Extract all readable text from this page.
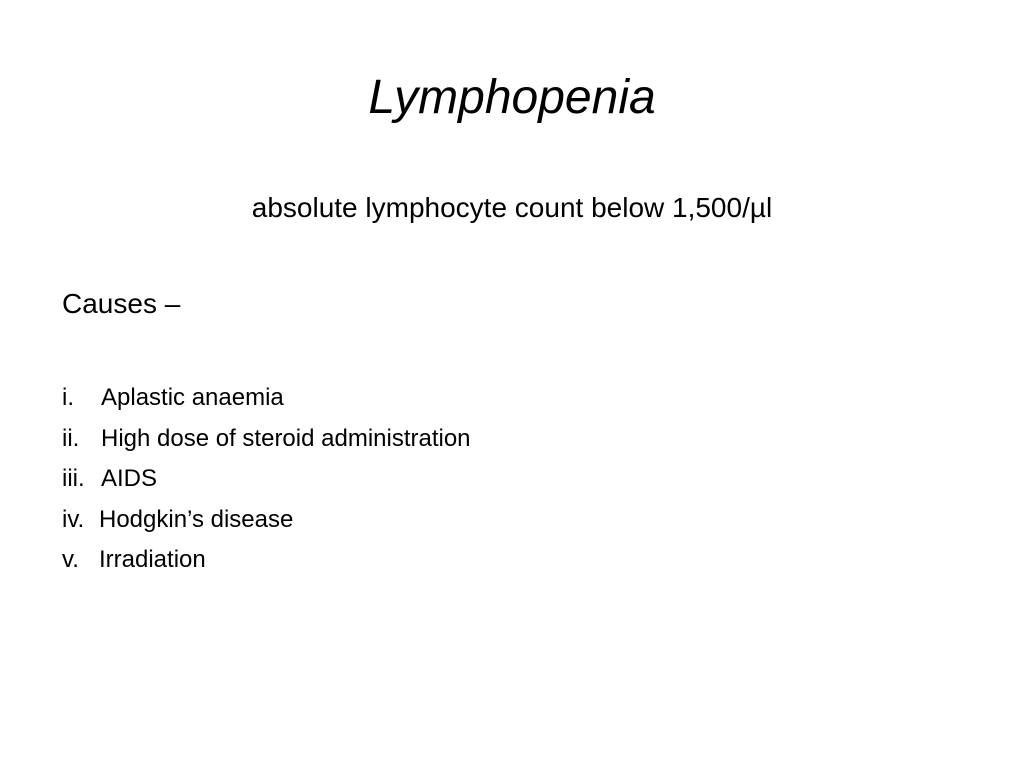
Lymphopenia
absolute lymphocyte count below 1,500/µl
Causes –
i.	Aplastic anaemia
ii. High dose of steroid administration
iii. AIDS
iv. Hodgkin’s disease
v. Irradiation
